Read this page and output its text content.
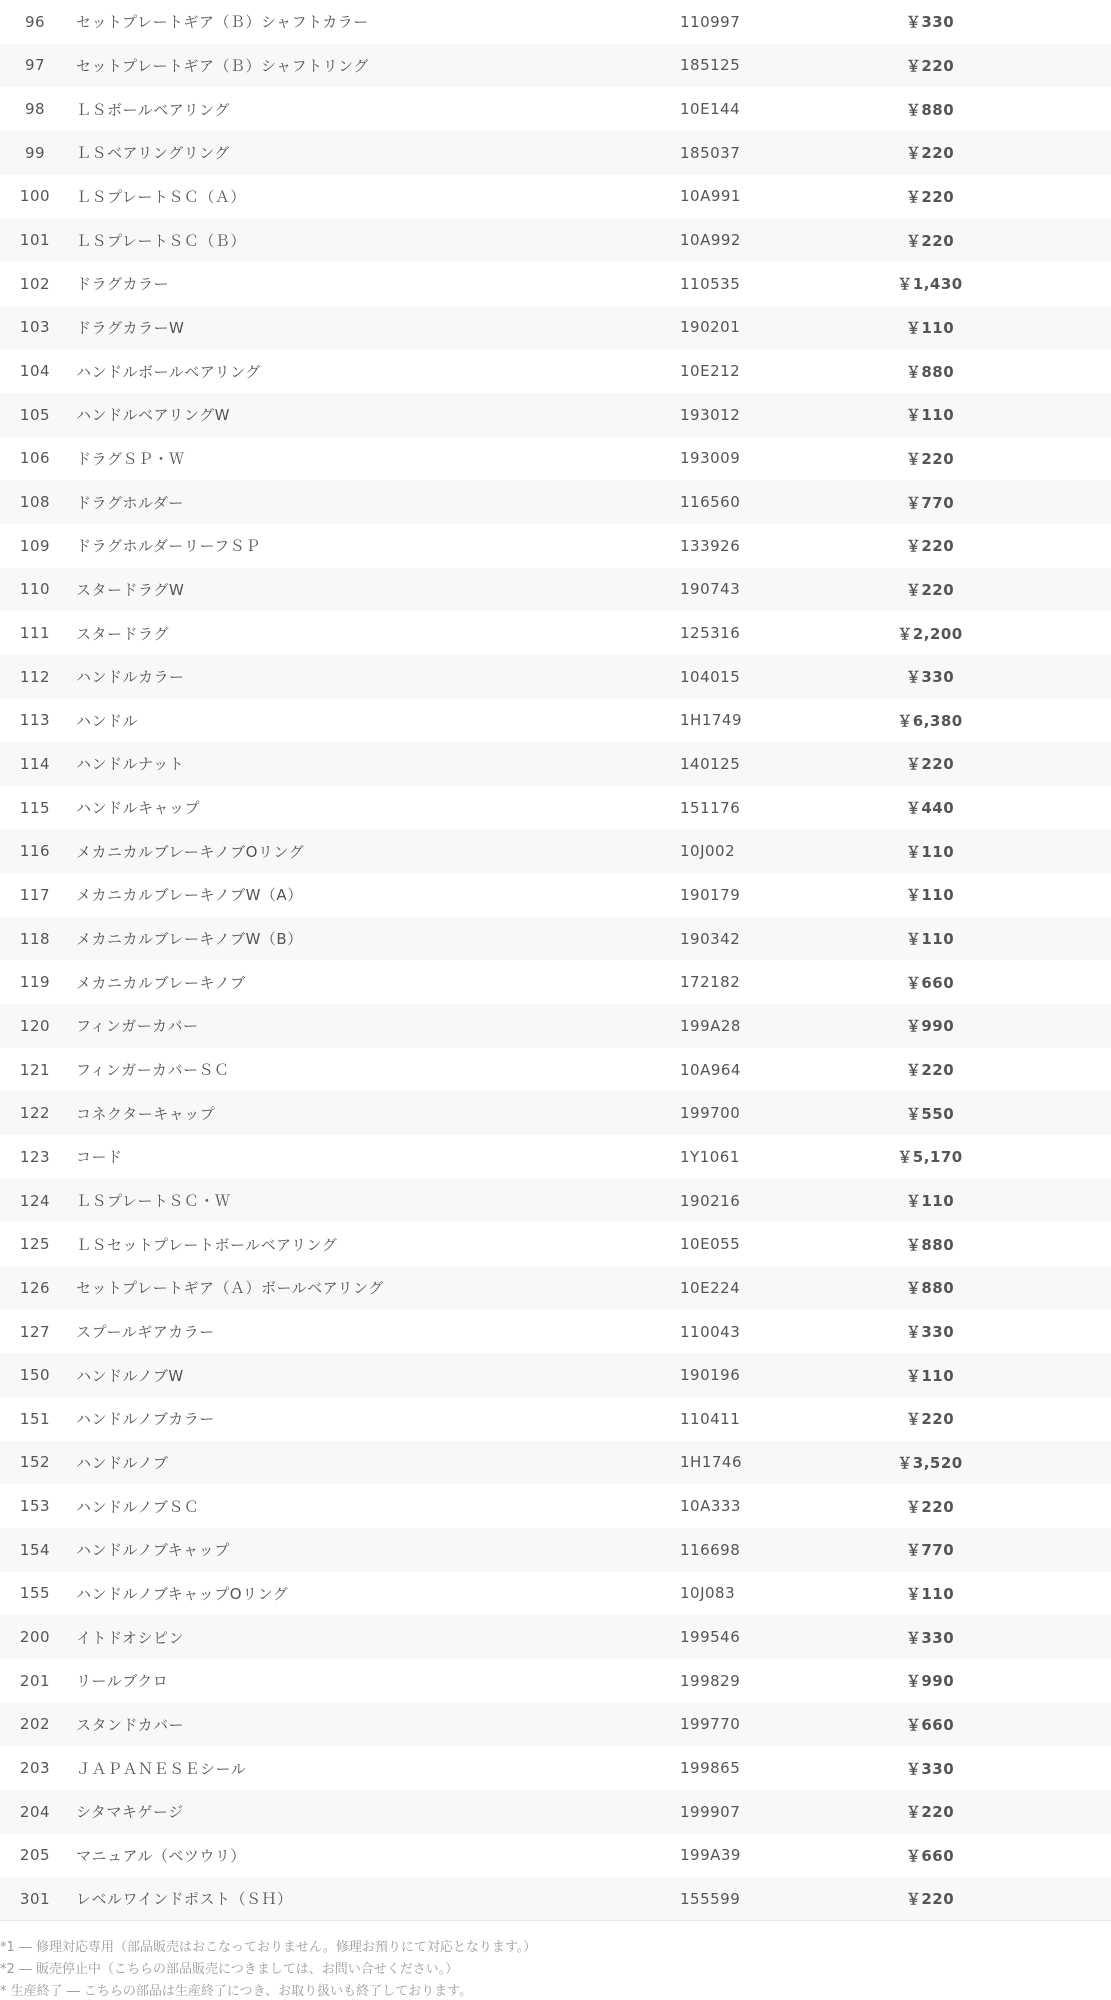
96	セットプレートギア（Ｂ）シャフトカラー	110997	￥330	
97	セットプレートギア（Ｂ）シャフトリング	185125	￥220	
98	ＬＳボールベアリング	10E144	￥880	
99	ＬＳベアリングリング	185037	￥220	
100	ＬＳプレートＳＣ（Ａ）	10A991	￥220	
101	ＬＳプレートＳＣ（Ｂ）	10A992	￥220	
102	ドラグカラー	110535	￥1,430	
103	ドラグカラーW	190201	￥110	
104	ハンドルボールベアリング	10E212	￥880	
105	ハンドルベアリングW	193012	￥110	
106	ドラグＳＰ・Ｗ	193009	￥220	
108	ドラグホルダー	116560	￥770	
109	ドラグホルダーリーフＳＰ	133926	￥220	
110	スタードラグW	190743	￥220	
111	スタードラグ	125316	￥2,200	
112	ハンドルカラー	104015	￥330	
113	ハンドル	1H1749	￥6,380	
114	ハンドルナット	140125	￥220	
115	ハンドルキャップ	151176	￥440	
116	メカニカルブレーキノブOリング	10J002	￥110	
117	メカニカルブレーキノブW（A）	190179	￥110	
118	メカニカルブレーキノブW（B）	190342	￥110	
119	メカニカルブレーキノブ	172182	￥660	
120	フィンガーカバー	199A28	￥990	
121	フィンガーカバーＳＣ	10A964	￥220	
122	コネクターキャップ	199700	￥550	
123	コード	1Y1061	￥5,170	
124	ＬＳプレートＳＣ・Ｗ	190216	￥110	
125	ＬＳセットプレートボールベアリング	10E055	￥880	
126	セットプレートギア（Ａ）ボールベアリング	10E224	￥880	
127	スプールギアカラー	110043	￥330	
150	ハンドルノブW	190196	￥110	
151	ハンドルノブカラー	110411	￥220	
152	ハンドルノブ	1H1746	￥3,520	
153	ハンドルノブＳＣ	10A333	￥220	
154	ハンドルノブキャップ	116698	￥770	
155	ハンドルノブキャップOリング	10J083	￥110	
200	イトドオシピン	199546	￥330	
201	リールブクロ	199829	￥990	
202	スタンドカバー	199770	￥660	
203	ＪＡＰＡＮＥＳＥシール	199865	￥330	
204	シタマキゲージ	199907	￥220	
205	マニュアル（ベツウリ）	199A39	￥660	
301	レベルワインドポスト（ＳＨ）	155599	￥220	
*1 ― 修理対応専用（部品販売はおこなっておりません。修理お預りにて対応となります。）
*2 ― 販売停止中（こちらの部品販売につきましては、お問い合せください。）
* 生産終了 ― こちらの部品は生産終了につき、お取り扱いも終了しております。
